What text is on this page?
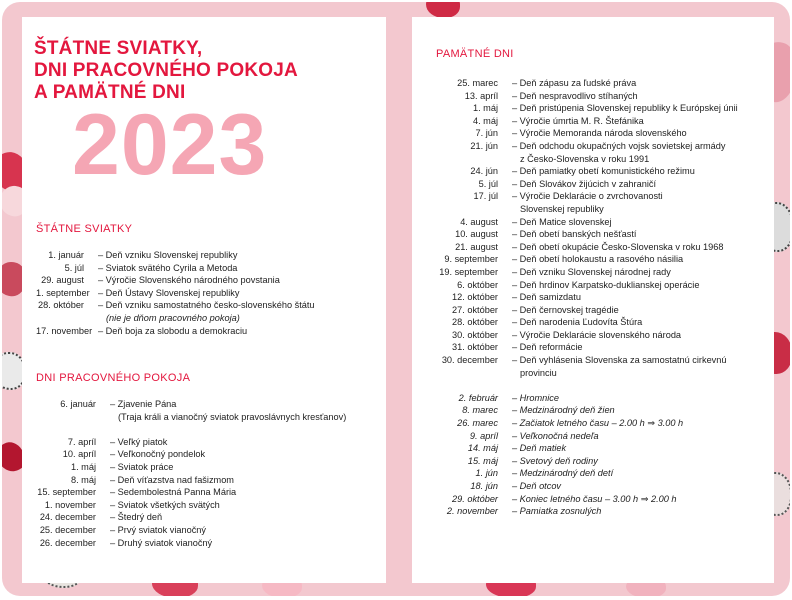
ŠTÁTNE SVIATKY,
DNI PRACOVNÉHO POKOJA
A PAMÄTNÉ DNI
2023
ŠTÁTNE SVIATKY
1. január	– Deň vzniku Slovenskej republiky
5. júl	– Sviatok svätého Cyrila a Metoda
29. august	– Výročie Slovenského národného povstania
1. september – Deň Ústavy Slovenskej republiky
28. október	– Deň vzniku samostatného česko-slovenského štátu
(nie je dňom pracovného pokoja)
17. november – Deň boja za slobodu a demokraciu
DNI PRACOVNÉHO POKOJA
6. január	– Zjavenie Pána
(Traja králi a vianočný sviatok pravoslávnych kresťanov)
7. apríl	– Veľký piatok
10. apríl	– Veľkonočný pondelok
1. máj	– Sviatok práce
8. máj	– Deň víťazstva nad fašizmom
15. september	– Sedembolestná Panna Mária
1. november	– Sviatok všetkých svätých
24. december	– Štedrý deň
25. december	– Prvý sviatok vianočný
26. december	– Druhý sviatok vianočný
PAMÄTNÉ DNI
25. marec	– Deň zápasu za ľudské práva
13. apríl	– Deň nespravodlivo stíhaných
1. máj	– Deň pristúpenia Slovenskej republiky k Európskej únii
4. máj	– Výročie úmrtia M. R. Štefánika
7. jún	– Výročie Memoranda národa slovenského
21. jún	– Deň odchodu okupačných vojsk sovietskej armády
z Česko-Slovenska v roku 1991
24. jún	– Deň pamiatky obetí komunistického režimu
5. júl	– Deň Slovákov žijúcich v zahraničí
17. júl	– Výročie Deklarácie o zvrchovanosti
Slovenskej republiky
4. august	– Deň Matice slovenskej
10. august	– Deň obetí banských nešťastí
21. august	– Deň obetí okupácie Česko-Slovenska v roku 1968
9. september	– Deň obetí holokaustu a rasového násilia
19. september	– Deň vzniku Slovenskej národnej rady
6. október	– Deň hrdinov Karpatsko-duklianskej operácie
12. október	– Deň samizdatu
27. október	– Deň černovskej tragédie
28. október	– Deň narodenia Ľudovíta Štúra
30. október	– Výročie Deklarácie slovenského národa
31. október	– Deň reformácie
30. december	– Deň vyhlásenia Slovenska za samostatnú cirkevnú
provinciu
2. február	– Hromnice
8. marec	– Medzinárodný deň žien
26. marec	– Začiatok letného času – 2.00 h ⇒ 3.00 h
9. apríl	– Veľkonočná nedeľa
14. máj	– Deň matiek
15. máj	– Svetový deň rodiny
1. jún	– Medzinárodný deň detí
18. jún	– Deň otcov
29. október	– Koniec letného času – 3.00 h ⇒ 2.00 h
2. november	– Pamiatka zosnulých
